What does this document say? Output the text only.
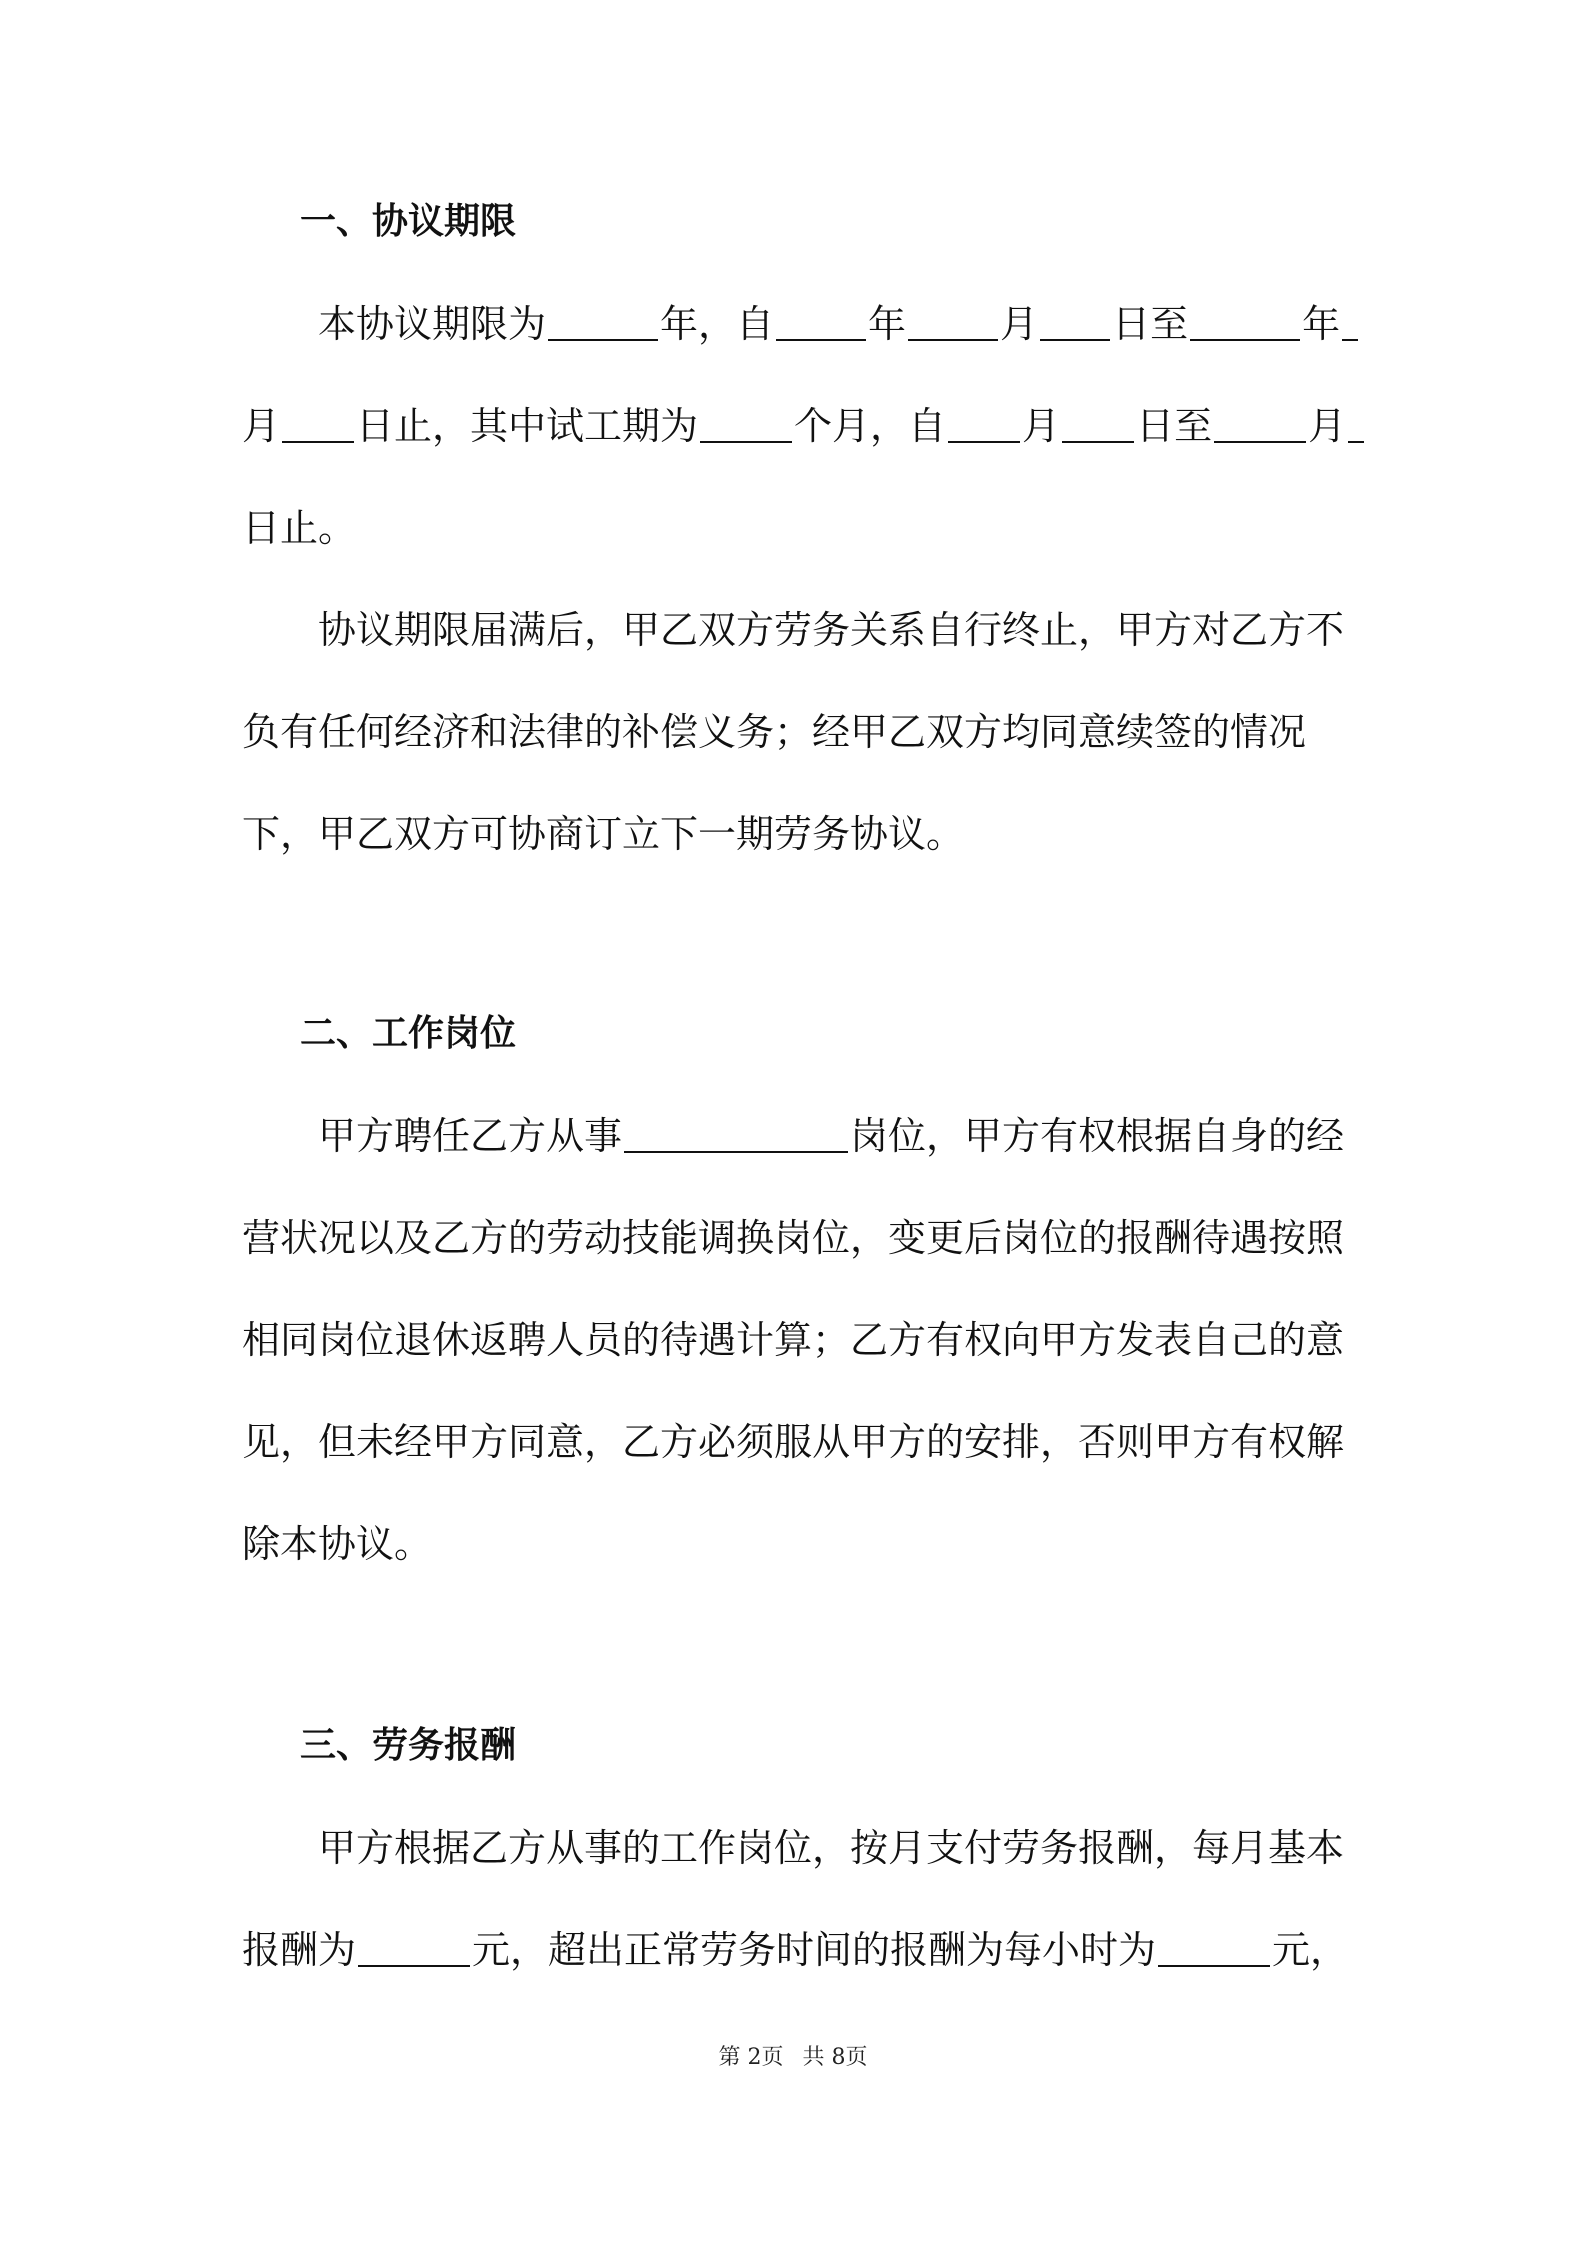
一、协议期限
本协议期限为	年，自 年 月 日至	年
月 日止，其中试工期为	个月，自 月 日至	月
日止。
协议期限届满后，甲乙双方劳务关系自行终止，甲方对乙方不
负有任何经济和法律的补偿义务；经甲乙双方均同意续签的情况
下，甲乙双方可协商订立下一期劳务协议。
二、工作岗位
甲方聘任乙方从事	岗位，甲方有权根据自身的经
营状况以及乙方的劳动技能调换岗位，变更后岗位的报酬待遇按照
相同岗位退休返聘人员的待遇计算；乙方有权向甲方发表自己的意
见，但未经甲方同意，乙方必须服从甲方的安排，否则甲方有权解
除本协议。
三、劳务报酬
甲方根据乙方从事的工作岗位，按月支付劳务报酬，每月基本
报酬为	元，超出正常劳务时间的报酬为每小时为	元，
第 2页 共 8页
